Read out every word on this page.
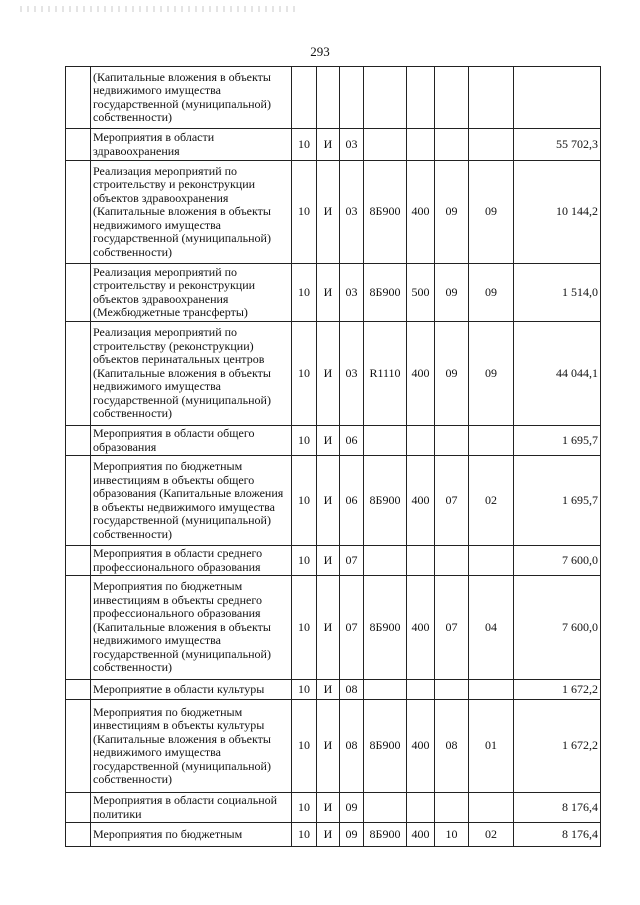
293
	(Капитальные вложения в объекты недвижимого имущества государственной (муниципальной) собственности)								
	Мероприятия в области здравоохранения	10	И	03					55 702,3
	Реализация мероприятий по строительству и реконструкции объектов здравоохранения (Капитальные вложения в объекты недвижимого имущества государственной (муниципальной) собственности)	10	И	03	8Б900	400	09	09	10 144,2
	Реализация мероприятий по строительству и реконструкции объектов здравоохранения (Межбюджетные трансферты)	10	И	03	8Б900	500	09	09	1 514,0
	Реализация мероприятий по строительству (реконструкции) объектов перинатальных центров (Капитальные вложения в объекты недвижимого имущества государственной (муниципальной) собственности)	10	И	03	R1110	400	09	09	44 044,1
	Мероприятия в области общего образования	10	И	06					1 695,7
	Мероприятия по бюджетным инвестициям в объекты общего образования (Капитальные вложения в объекты недвижимого имущества государственной (муниципальной) собственности)	10	И	06	8Б900	400	07	02	1 695,7
	Мероприятия в области среднего профессионального образования	10	И	07					7 600,0
	Мероприятия по бюджетным инвестициям в объекты среднего профессионального образования (Капитальные вложения в объекты недвижимого имущества государственной (муниципальной) собственности)	10	И	07	8Б900	400	07	04	7 600,0
	Мероприятие в области культуры	10	И	08					1 672,2
	Мероприятия по бюджетным инвестициям в объекты культуры (Капитальные вложения в объекты недвижимого имущества государственной (муниципальной) собственности)	10	И	08	8Б900	400	08	01	1 672,2
	Мероприятия в области социальной политики	10	И	09					8 176,4
	Мероприятия по бюджетным	10	И	09	8Б900	400	10	02	8 176,4
